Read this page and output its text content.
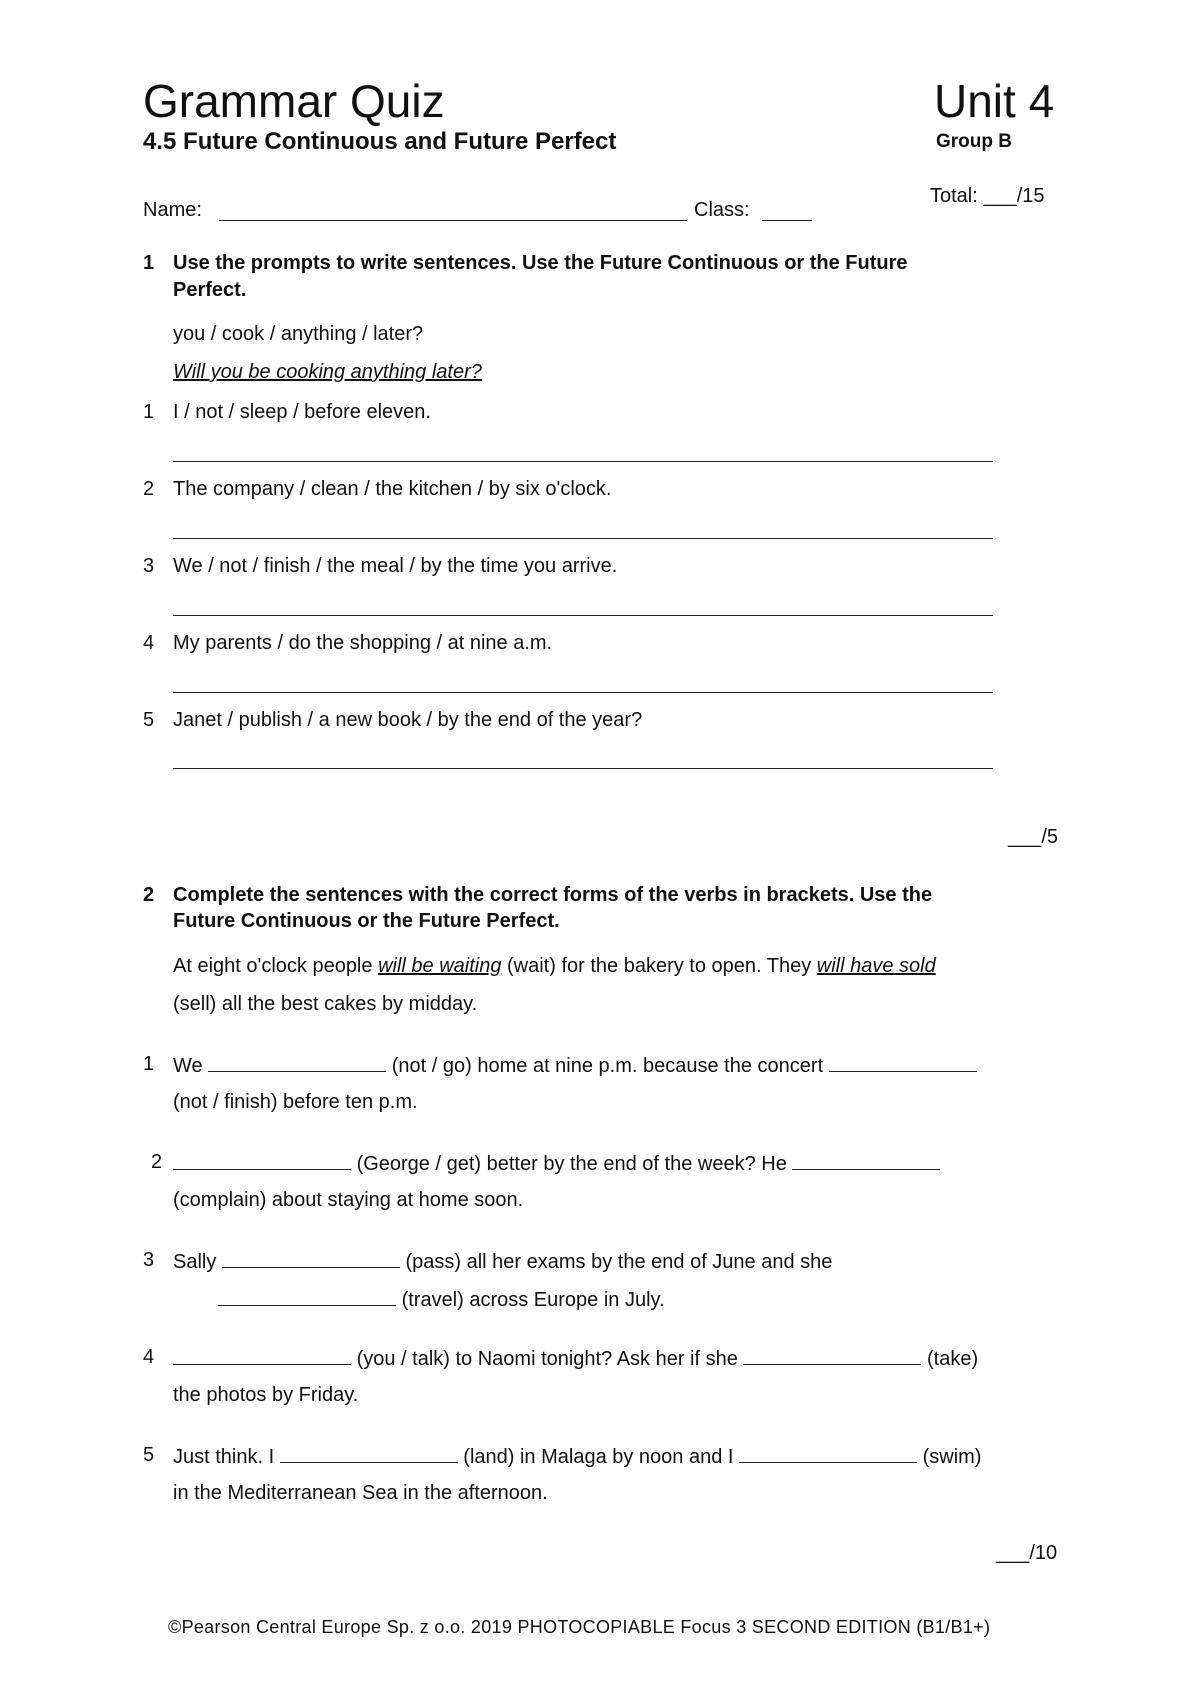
Grammar Quiz	Unit 4
4.5 Future Continuous and Future Perfect	Group B
Name:	Class:
Total: ___/15
1 Use the prompts to write sentences. Use the Future Continuous or the Future
Perfect.
you / cook / anything / later?
Will you be cooking anything later?
1 I / not / sleep / before eleven.
2 The company / clean / the kitchen / by six o'clock.
3 We / not / finish / the meal / by the time you arrive.
4 My parents / do the shopping / at nine a.m.
5 Janet / publish / a new book / by the end of the year?
___/5
2 Complete the sentences with the correct forms of the verbs in brackets. Use the
Future Continuous or the Future Perfect.
At eight o'clock people will be waiting (wait) for the bakery to open. They will have sold
(sell) all the best cakes by midday.
1 We	(not / go) home at nine p.m. because the concert
(not / finish) before ten p.m.
2	(George / get) better by the end of the week? He
(complain) about staying at home soon.
3 Sally	(pass) all her exams by the end of June and she
(travel) across Europe in July.
4	(you / talk) to Naomi tonight? Ask her if she	(take)
the photos by Friday.
5 Just think. I	(land) in Malaga by noon and I	(swim)
in the Mediterranean Sea in the afternoon.
___/10
©Pearson Central Europe Sp. z o.o. 2019 PHOTOCOPIABLE Focus 3 SECOND EDITION (B1/B1+)
